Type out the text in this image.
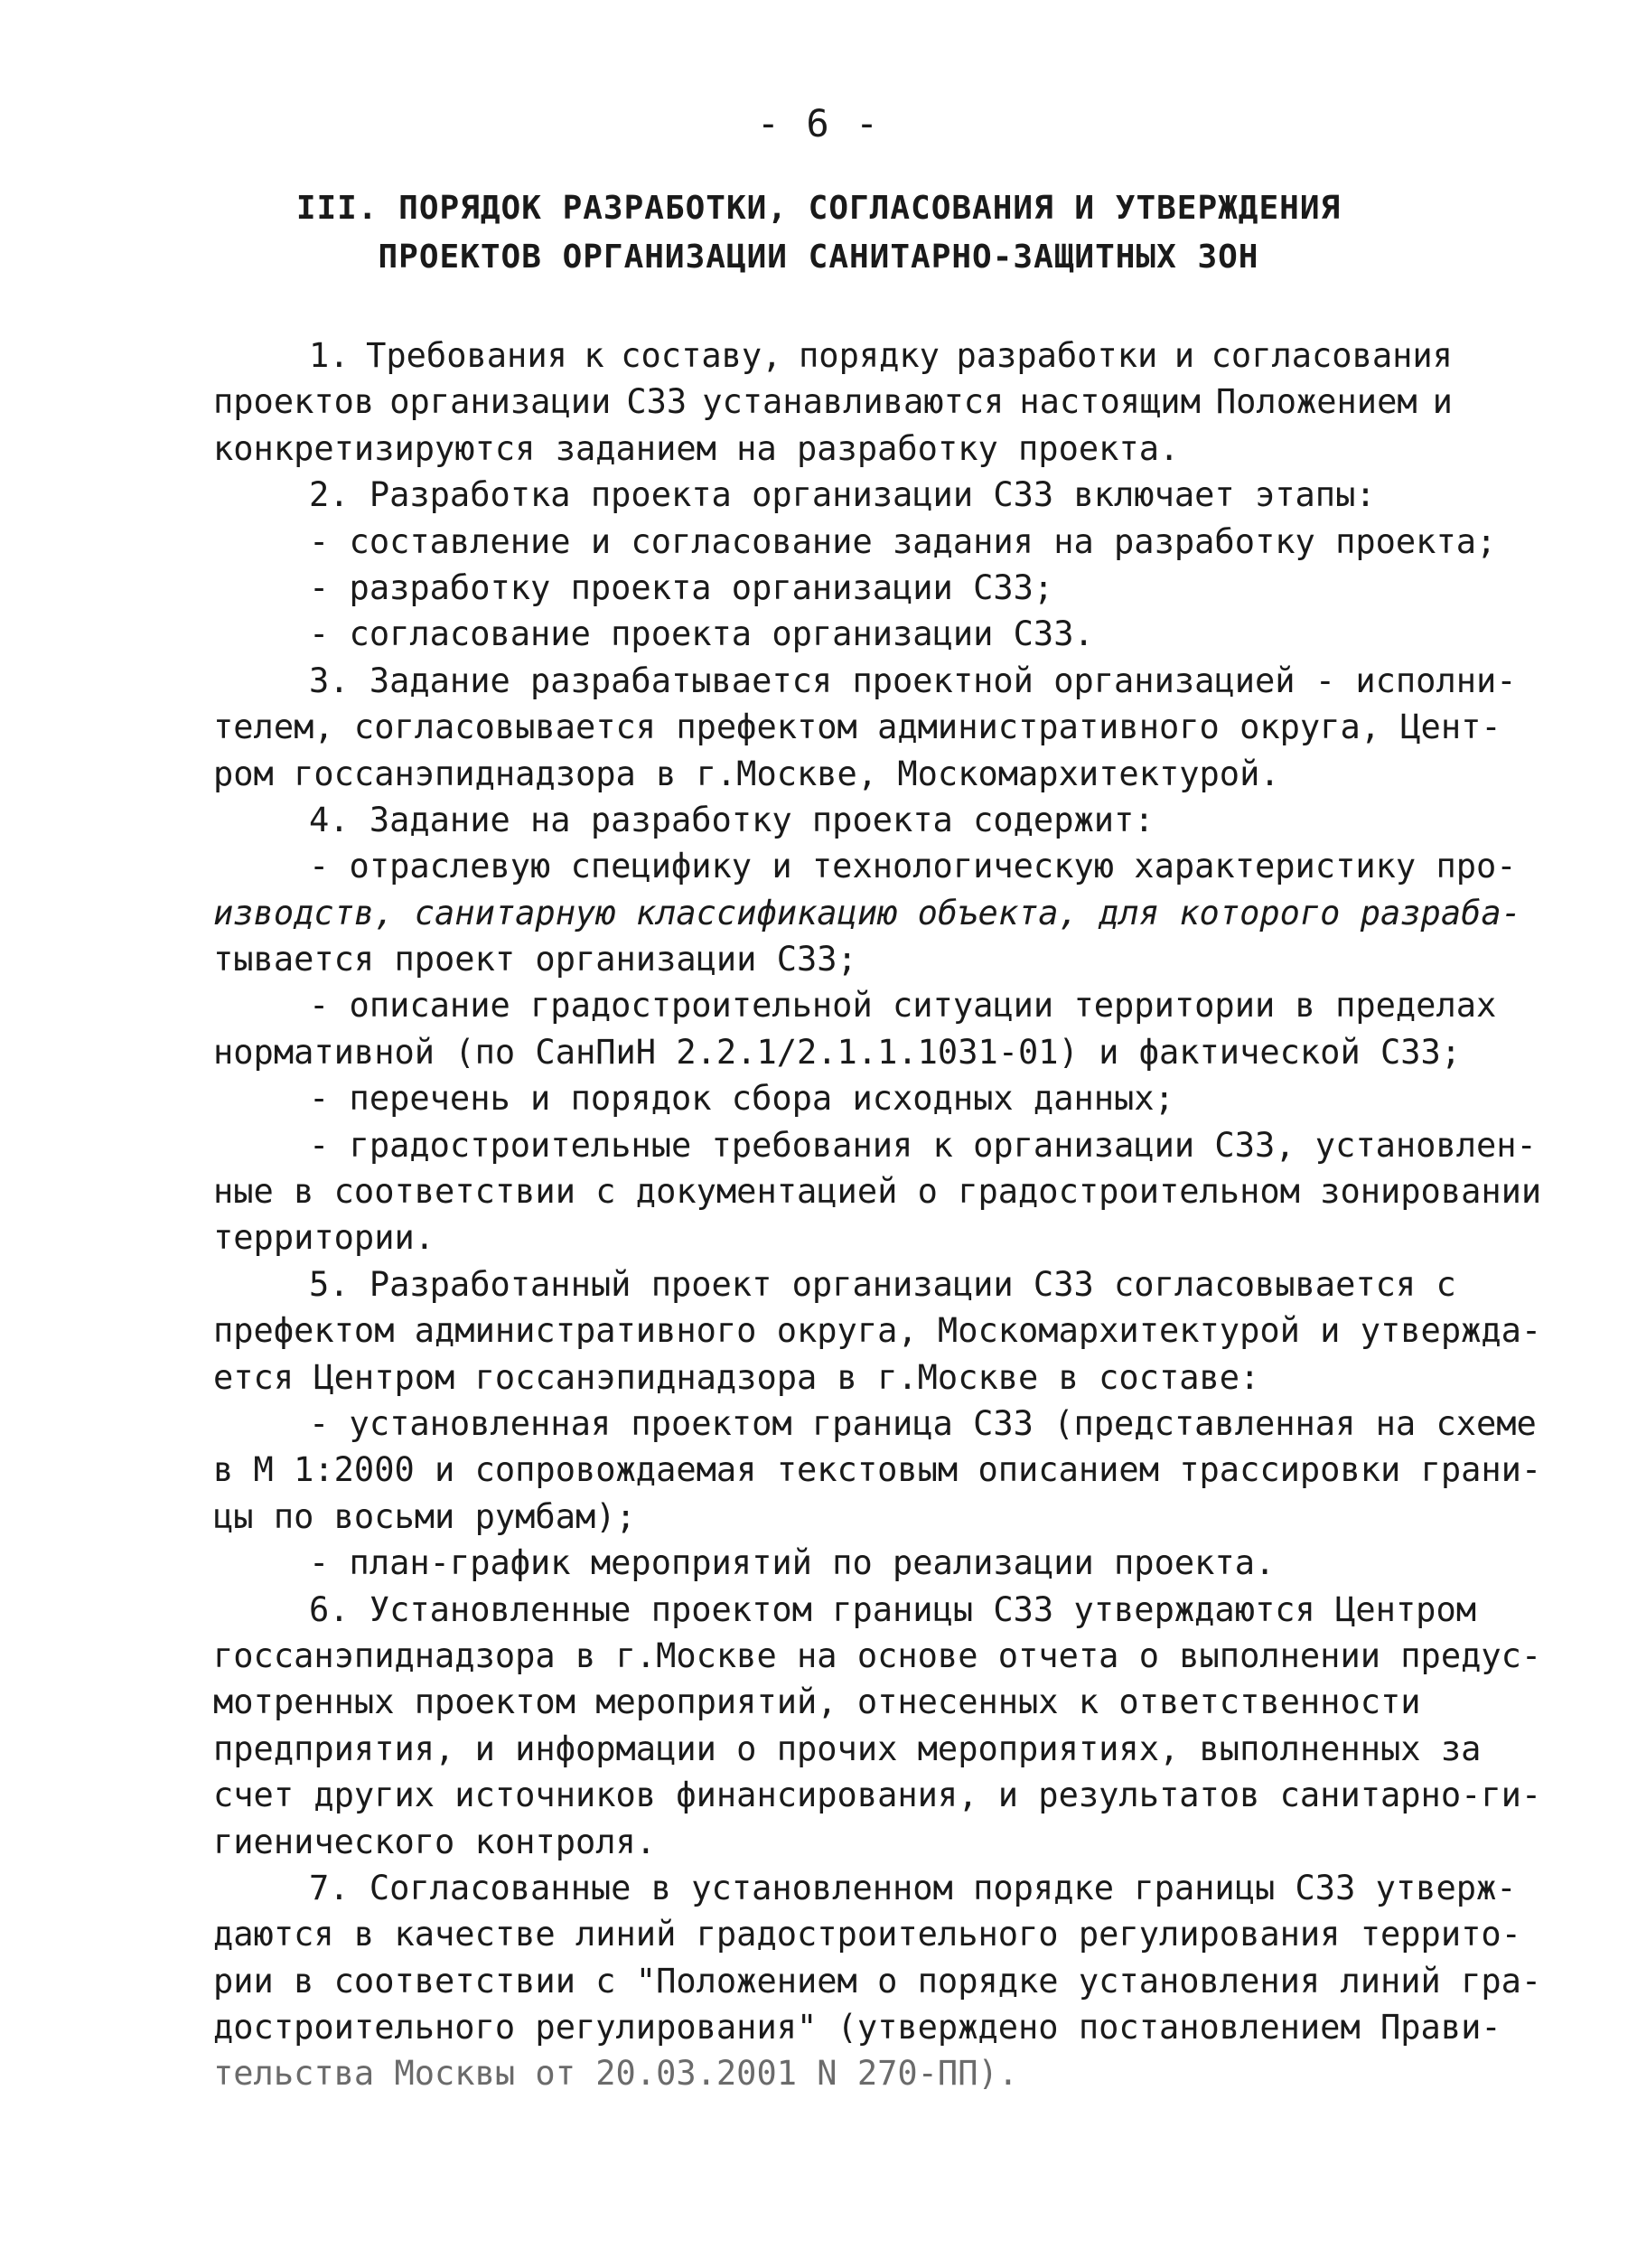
- 6 -
III. ПОРЯДОК РАЗРАБОТКИ, СОГЛАСОВАНИЯ И УТВЕРЖДЕНИЯ
ПРОЕКТОВ ОРГАНИЗАЦИИ САНИТАРНО-ЗАЩИТНЫХ ЗОН
1. Требования к составу, порядку разработки и согласования
проектов организации СЗЗ устанавливаются настоящим Положением и
конкретизируются заданием на разработку проекта.
2. Разработка проекта организации СЗЗ включает этапы:
- составление и согласование задания на разработку проекта;
- разработку проекта организации СЗЗ;
- согласование проекта организации СЗЗ.
3. Задание разрабатывается проектной организацией - исполни-
телем, согласовывается префектом административного округа, Цент-
ром госсанэпиднадзора в г.Москве, Москомархитектурой.
4. Задание на разработку проекта содержит:
- отраслевую специфику и технологическую характеристику про-
изводств, санитарную классификацию объекта, для которого разраба-
тывается проект организации СЗЗ;
- описание градостроительной ситуации территории в пределах
нормативной (по СанПиН 2.2.1/2.1.1.1031-01) и фактической СЗЗ;
- перечень и порядок сбора исходных данных;
- градостроительные требования к организации СЗЗ, установлен-
ные в соответствии с документацией о градостроительном зонировании
территории.
5. Разработанный проект организации СЗЗ согласовывается с
префектом административного округа, Москомархитектурой и утвержда-
ется Центром госсанэпиднадзора в г.Москве в составе:
- установленная проектом граница СЗЗ (представленная на схеме
в М 1:2000 и сопровождаемая текстовым описанием трассировки грани-
цы по восьми румбам);
- план-график мероприятий по реализации проекта.
6. Установленные проектом границы СЗЗ утверждаются Центром
госсанэпиднадзора в г.Москве на основе отчета о выполнении предус-
мотренных проектом мероприятий, отнесенных к ответственности
предприятия, и информации о прочих мероприятиях, выполненных за
счет других источников финансирования, и результатов санитарно-ги-
гиенического контроля.
7. Согласованные в установленном порядке границы СЗЗ утверж-
даются в качестве линий градостроительного регулирования террито-
рии в соответствии с "Положением о порядке установления линий гра-
достроительного регулирования" (утверждено постановлением Прави-
тельства Москвы от 20.03.2001 N 270-ПП).
